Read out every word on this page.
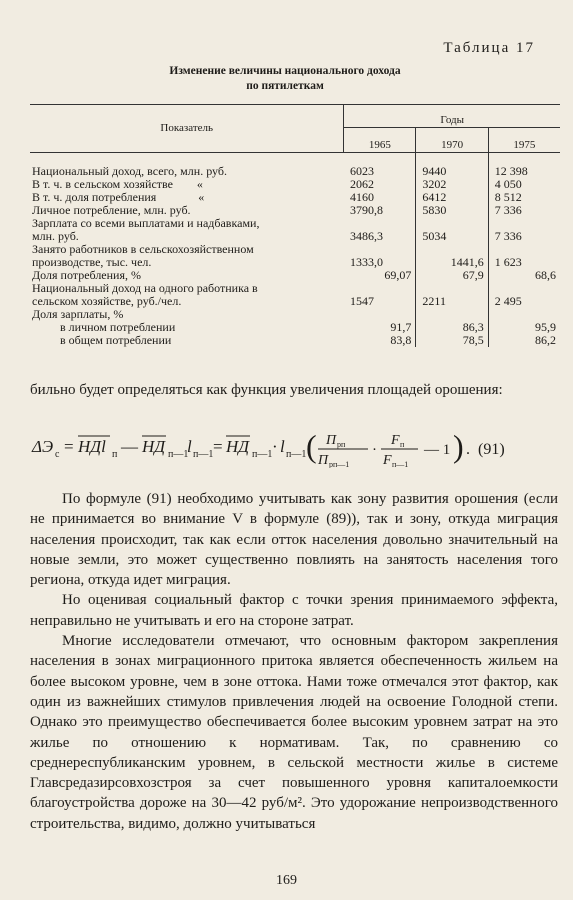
Таблица 17
Изменение величины национального дохода
по пятилеткам
Показатель	Годы		
	1965	1970	1975

Национальный доход, всего, млн. руб.	6023	9440	12 398
В т. ч. в сельском хозяйстве        «	2062	3202	4 050
В т. ч. доля потребления              «	4160	6412	8 512
Личное потребление, млн. руб.	3790,8	5830	7 336
Зарплата со всеми выплатами и надбавками,			
млн. руб.	3486,3	5034	7 336
Занято работников в сельскохозяйственном			
производстве, тыс. чел.	1333,0	1441,6	1 623
Доля потребления, %	69,07	67,9	68,6
Национальный доход на одного работника в			
сельском хозяйстве, руб./чел.	1547	2211	2 495
Доля зарплаты, %			
в личном потреблении	91,7	86,3	95,9
в общем потреблении	83,8	78,5	86,2

бильно будет определяться как функция увеличения площадей орошения:

ΔЭ с = НДl п — НД п—1
l п—1 = НД п—1 · l п—1 ( П рп
П рп—1
·
F п
F п—1
— 1 ) . (91)

По формуле (91) необходимо учитывать как зону развития орошения (если не принимается во внимание V в формуле (89)), так и зону, откуда миграция населения происходит, так как если отток населения довольно значительный на новые земли, это может существенно повлиять на занятость населения того региона, откуда идет миграция.

Но оценивая социальный фактор с точки зрения принимаемого эффекта, неправильно не учитывать и его на стороне затрат.

Многие исследователи отмечают, что основным фактором закрепления населения в зонах миграционного притока является обеспеченность жильем на более высоком уровне, чем в зоне оттока. Нами тоже отмечался этот фактор, как один из важнейших стимулов привлечения людей на освоение Голодной степи. Однако это преимущество обеспечивается более высоким уровнем затрат на это жилье по отношению к нормативам. Так, по сравнению со среднереспубликанским уровнем, в сельской местности жилье в системе Главсредазирсовхозстроя за счет повышенного уровня капиталоемкости благоустройства дороже на 30—42 руб/м². Это удорожание непроизводственного строительства, видимо, должно учитываться

169
